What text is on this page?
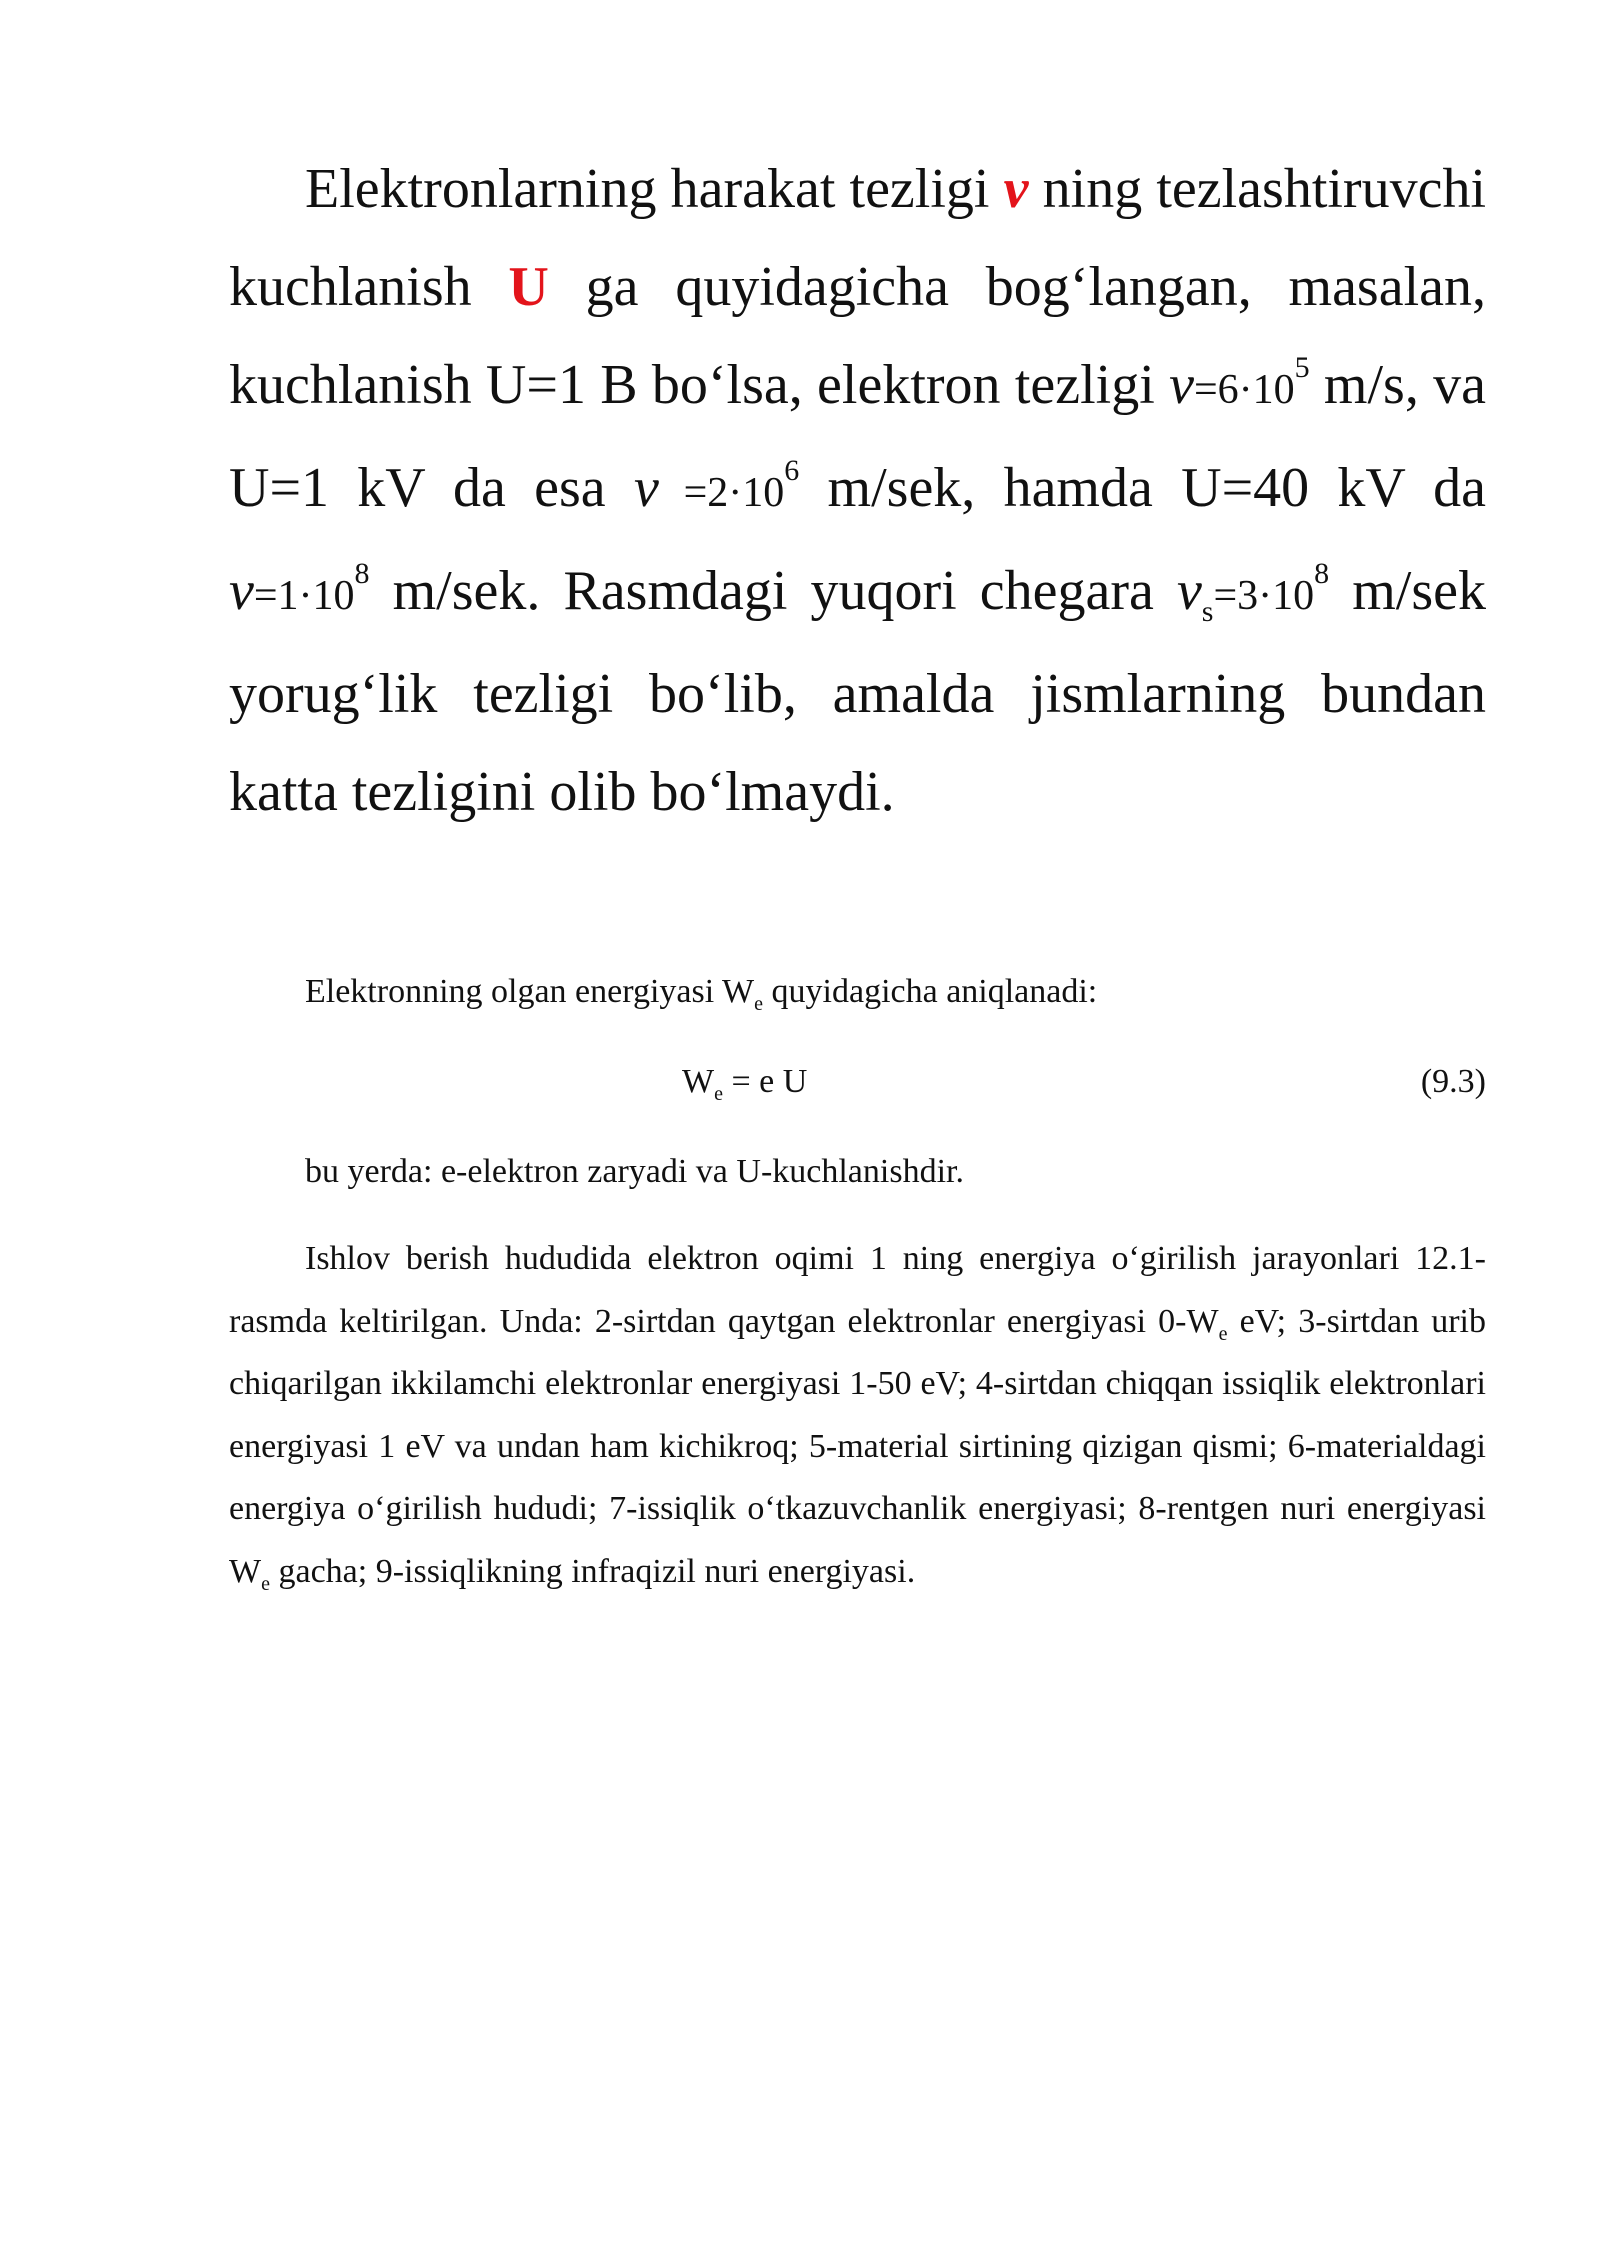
Elektronlarning harakat tezligi v ning tezlashtiruvchi kuchlanish U ga quyidagicha bog‘langan, masalan, kuchlanish U=1 B bo‘lsa, elektron tezligi $v=6\cdot 10^5$ m/s, va U=1 kV da esa $v =2\cdot 10^6$ m/sek, hamda U=40 kV da $v=1\cdot 10^8$ m/sek. Rasmdagi yuqori chegara $v_s=3\cdot 10^8$ m/sek yorug‘lik tezligi bo‘lib, amalda jismlarning bundan katta tezligini olib bo‘lmaydi.
Elektronning olgan energiyasi $W_e$ quyidagicha aniqlanadi:
$W_e = e$ U	(9.3)
bu yerda: e-elektron zaryadi va U-kuchlanishdir.
Ishlov berish hududida elektron oqimi 1 ning energiya o‘girilish jarayonlari 12.1-rasmda keltirilgan. Unda: 2-sirtdan qaytgan elektronlar energiyasi $0-W_e$ eV; 3-sirtdan urib chiqarilgan ikkilamchi elektronlar energiyasi 1-50 eV; 4-sirtdan chiqqan issiqlik elektronlari energiyasi 1 eV va undan ham kichikroq; 5-material sirtining qizigan qismi; 6-materialdagi energiya o‘girilish hududi; 7-issiqlik o‘tkazuvchanlik energiyasi; 8-rentgen nuri energiyasi $W_e$ gacha; 9-issiqlikning infraqizil nuri energiyasi.
